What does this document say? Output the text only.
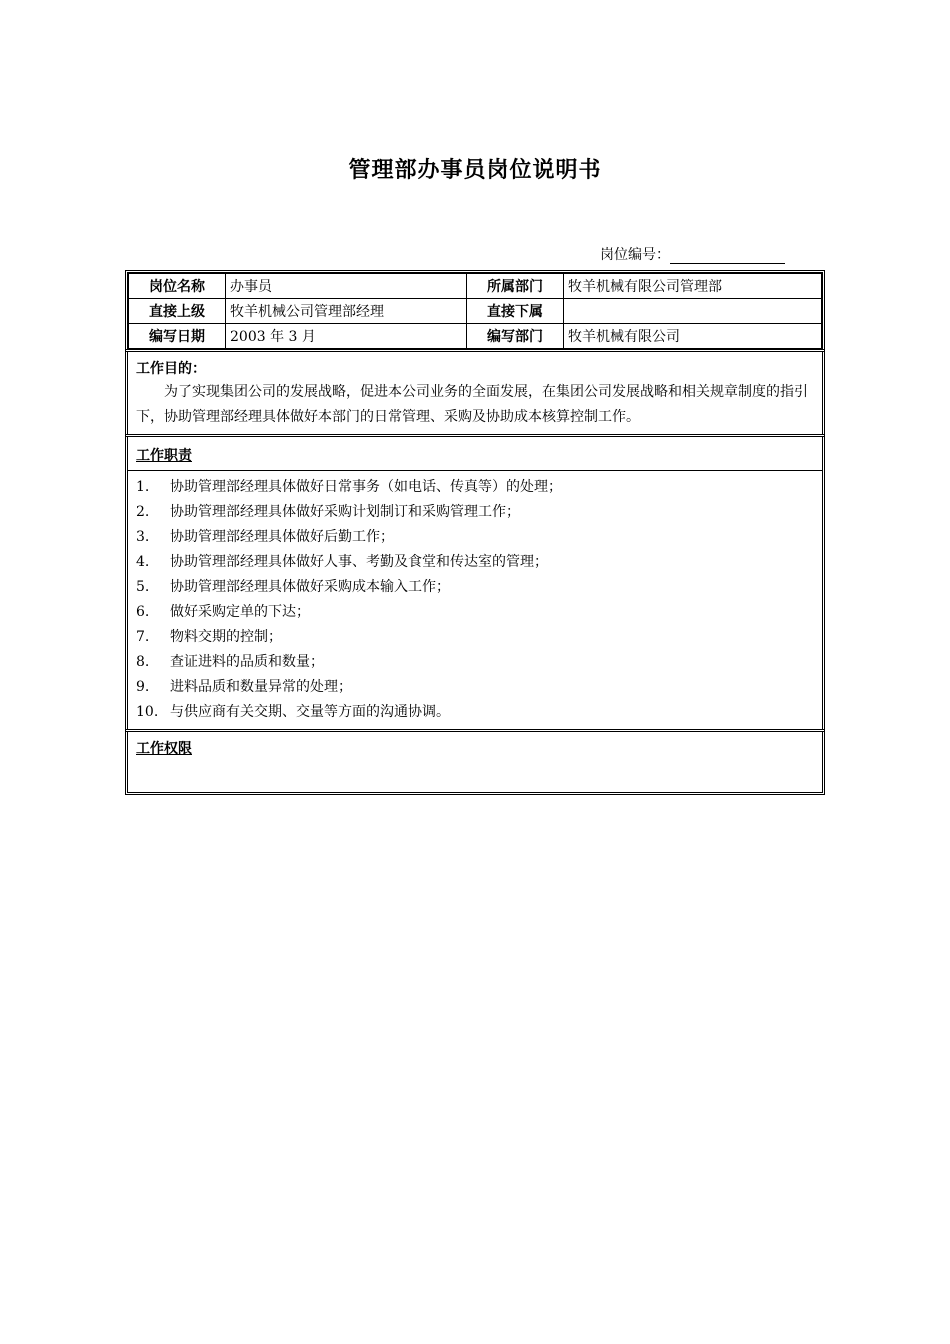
管理部办事员岗位说明书
岗位编号：
岗位名称	办事员	所属部门	牧羊机械有限公司管理部
直接上级	牧羊机械公司管理部经理	直接下属	
编写日期	2003 年 3 月	编写部门	牧羊机械有限公司
工作目的：
为了实现集团公司的发展战略，促进本公司业务的全面发展，在集团公司发展战略和相关规章制度的指引下，协助管理部经理具体做好本部门的日常管理、采购及协助成本核算控制工作。
工作职责
1.	协助管理部经理具体做好日常事务（如电话、传真等）的处理；
2.	协助管理部经理具体做好采购计划制订和采购管理工作；
3.	协助管理部经理具体做好后勤工作；
4.	协助管理部经理具体做好人事、考勤及食堂和传达室的管理；
5.	协助管理部经理具体做好采购成本输入工作；
6.	做好采购定单的下达；
7.	物料交期的控制；
8.	查证进料的品质和数量；
9.	进料品质和数量异常的处理；
10. 与供应商有关交期、交量等方面的沟通协调。
工作权限
